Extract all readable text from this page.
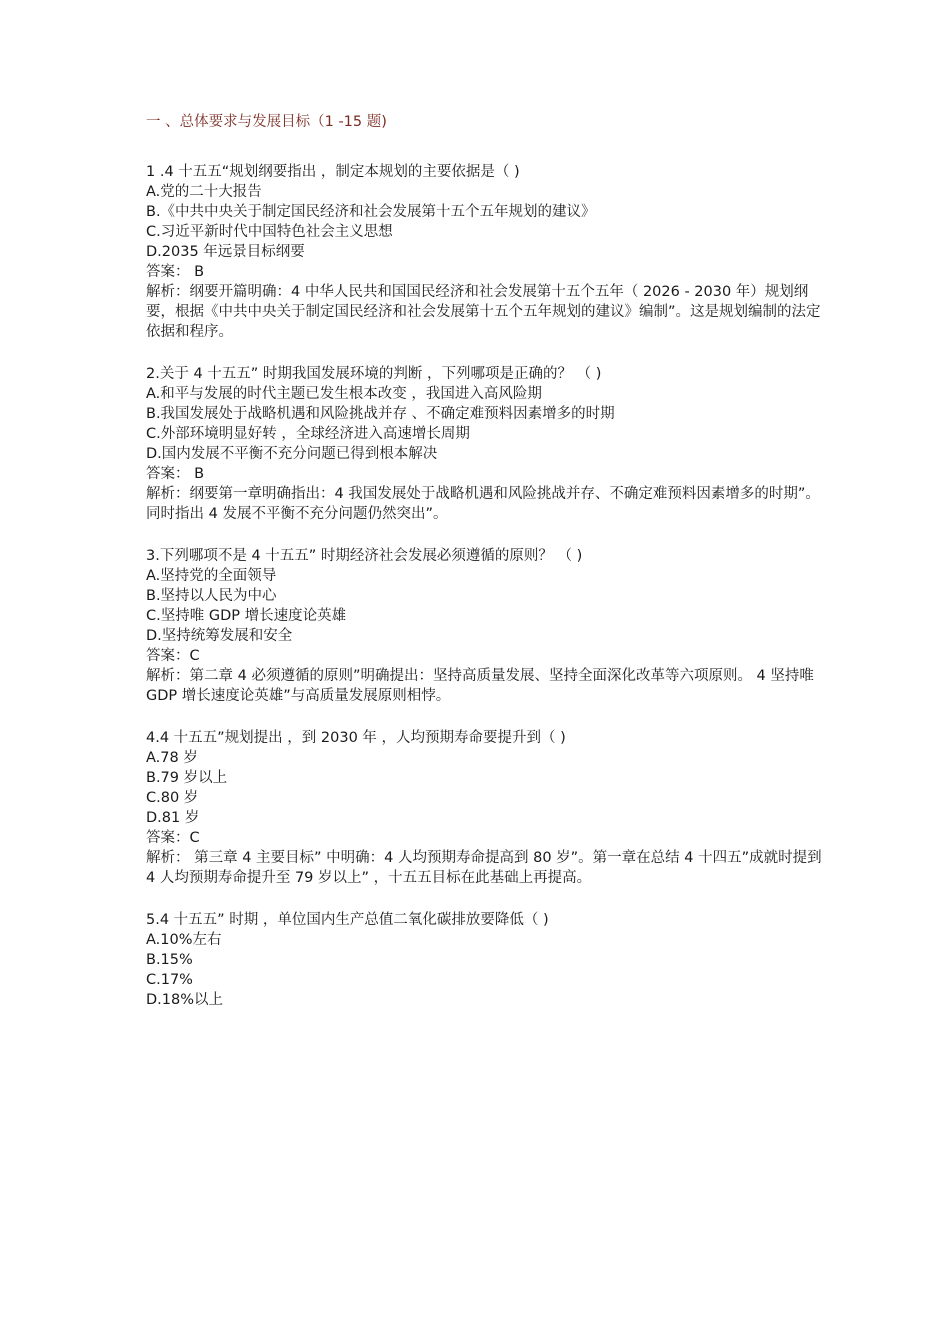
一 、总体要求与发展目标（1 -15 题)

1 .4 十五五“规划纲要指出 ，制定本规划的主要依据是（ )

A.党的二十大报告

B.《中共中央关于制定国民经济和社会发展第十五个五年规划的建议》

C.习近平新时代中国特色社会主义思想

D.2035 年远景目标纲要

答案： B

解析：纲要开篇明确：4 中华人民共和国国民经济和社会发展第十五个五年（ 2026 - 2030 年）规划纲要，根据《中共中央关于制定国民经济和社会发展第十五个五年规划的建议》编制”。这是规划编制的法定依据和程序。

2.关于 4 十五五” 时期我国发展环境的判断 ，下列哪项是正确的？ （ )

A.和平与发展的时代主题已发生根本改变 ，我国进入高风险期

B.我国发展处于战略机遇和风险挑战并存 、不确定难预料因素增多的时期

C.外部环境明显好转 ，全球经济进入高速增长周期

D.国内发展不平衡不充分问题已得到根本解决

答案： B

解析：纲要第一章明确指出：4 我国发展处于战略机遇和风险挑战并存、不确定难预料因素增多的时期”。同时指出 4 发展不平衡不充分问题仍然突出”。

3.下列哪项不是 4 十五五” 时期经济社会发展必须遵循的原则？ （ )

A.坚持党的全面领导

B.坚持以人民为中心

C.坚持唯 GDP 增长速度论英雄

D.坚持统筹发展和安全

答案：C

解析：第二章 4 必须遵循的原则”明确提出：坚持高质量发展、坚持全面深化改革等六项原则。 4 坚持唯 GDP 增长速度论英雄”与高质量发展原则相悖。

4.4 十五五”规划提出 ，到 2030 年 ，人均预期寿命要提升到（ )

A.78 岁

B.79 岁以上

C.80 岁

D.81 岁

答案：C

解析： 第三章 4 主要目标” 中明确：4 人均预期寿命提高到 80 岁”。第一章在总结 4 十四五”成就时提到 4 人均预期寿命提升至 79 岁以上” ，十五五目标在此基础上再提高。

5.4 十五五” 时期 ，单位国内生产总值二氧化碳排放要降低（ )

A.10%左右

B.15%

C.17%

D.18%以上
